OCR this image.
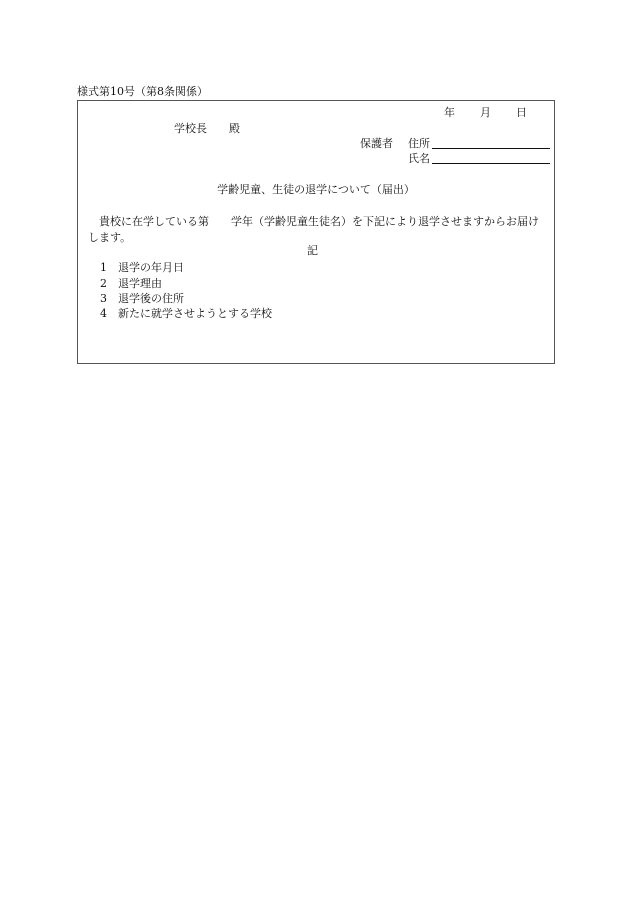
様式第10号（第8条関係）
年 月 日
学校長 殿
保護者 住所
氏名
学齢児童、生徒の退学について（届出）
貴校に在学している第 学年（学齢児童生徒名）を下記により退学させますからお届けします。
記
1 退学の年月日
2 退学理由
3 退学後の住所
4 新たに就学させようとする学校
